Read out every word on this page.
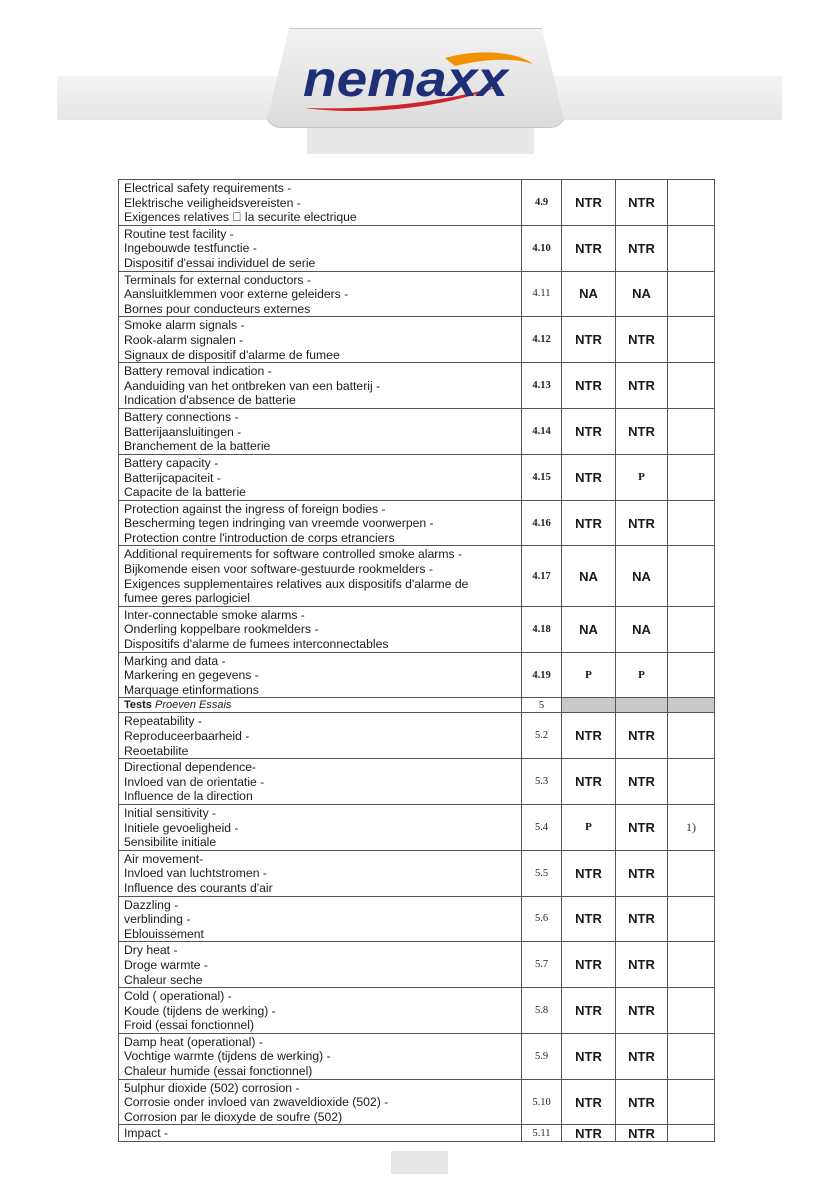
nemaxx
Electrical safety requirements -
Elektrische veiligheidsvereisten -
Exigences relatives   la securite electrique	4.9	NTR	NTR	

Routine test facility -
Ingebouwde testfunctie -
Dispositif d'essai individuel de serie	4.10	NTR	NTR	

Terminals for external conductors -
Aansluitklemmen voor externe geleiders -
Bornes pour conducteurs externes	4.11	NA	NA	

Smoke alarm signals -
Rook-alarm signalen -
Signaux de dispositif d'alarme de fumee	4.12	NTR	NTR	

Battery removal indication -
Aanduiding van het ontbreken van een batterij -
Indication d'absence de batterie	4.13	NTR	NTR	

Battery connections -
Batterijaansluitingen -
Branchement de la batterie	4.14	NTR	NTR	

Battery capacity -
Batterijcapaciteit -
Capacite de la batterie	4.15	NTR	P	

Protection against the ingress of foreign bodies -
Bescherming tegen indringing van vreemde voorwerpen -
Protection contre l'introduction de corps etranciers	4.16	NTR	NTR	

Additional requirements for software controlled smoke alarms -
Bijkomende eisen voor software-gestuurde rookmelders -
Exigences supplementaires relatives aux dispositifs d'alarme de
fumee geres parlogiciel	4.17	NA	NA	

Inter-connectable smoke alarms -
Onderling koppelbare rookmelders -
Dispositifs d'alarme de fumees interconnectables	4.18	NA	NA	

Marking and data -
Markering en gegevens -
Marquage etinformations	4.19	P	P	
Tests Proeven Essais	5			

Repeatability -
Reproduceerbaarheid -
Reoetabilite	5.2	NTR	NTR	

Directional dependence-
Invloed van de orientatie -
Influence de la direction	5.3	NTR	NTR	

Initial sensitivity -
Initiele gevoeligheid -
5ensibilite initiale	5.4	P	NTR	1)

Air movement-
Invloed van luchtstromen -
Influence des courants d'air	5.5	NTR	NTR	

Dazzling -
verblinding -
Eblouissement	5.6	NTR	NTR	

Dry heat -
Droge warmte -
Chaleur seche	5.7	NTR	NTR	

Cold ( operational) -
Koude (tijdens de werking) -
Froid (essai fonctionnel)	5.8	NTR	NTR	

Damp heat (operational) -
Vochtige warmte (tijdens de werking) -
Chaleur humide (essai fonctionnel)	5.9	NTR	NTR	

5ulphur dioxide (502) corrosion -
Corrosie onder invloed van zwaveldioxide (502) -
Corrosion par le dioxyde de soufre (502)	5.10	NTR	NTR	

Impact -	5.11	NTR	NTR	
